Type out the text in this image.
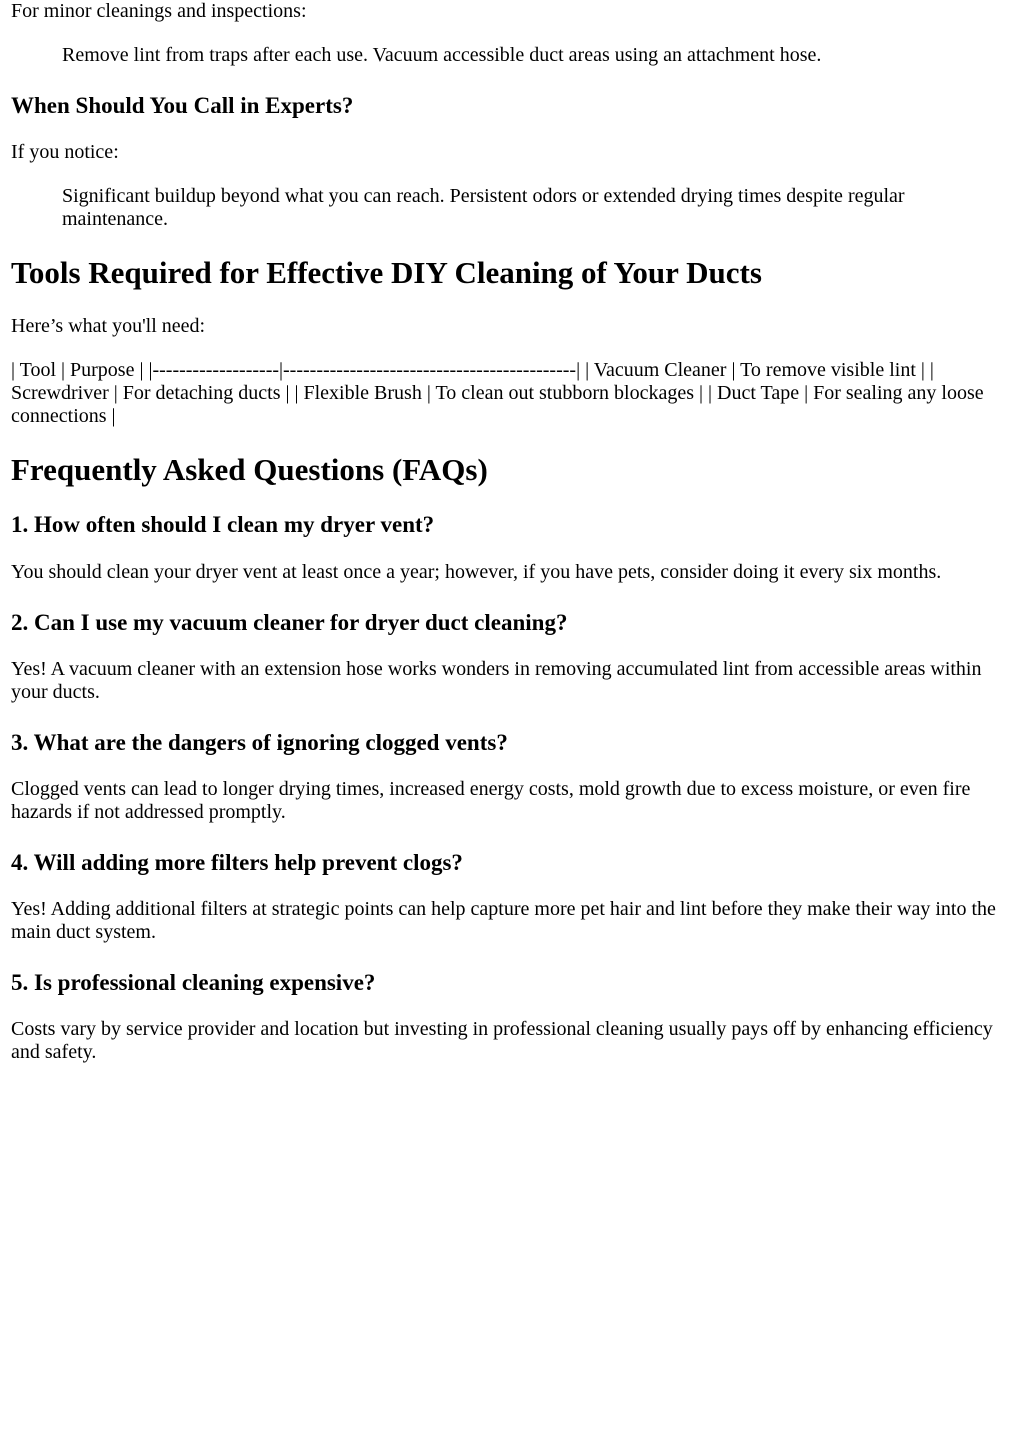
For minor cleanings and inspections:

Remove lint from traps after each use. Vacuum accessible duct areas using an attachment hose.
When Should You Call in Experts?

If you notice:

Significant buildup beyond what you can reach. Persistent odors or extended drying times despite regular maintenance.
Tools Required for Effective DIY Cleaning of Your Ducts

Here’s what you'll need:

| Tool | Purpose | |-------------------|--------------------------------------------| | Vacuum Cleaner | To remove visible lint | | Screwdriver | For detaching ducts | | Flexible Brush | To clean out stubborn blockages | | Duct Tape | For sealing any loose connections |

Frequently Asked Questions (FAQs)
1. How often should I clean my dryer vent?

You should clean your dryer vent at least once a year; however, if you have pets, consider doing it every six months.

2. Can I use my vacuum cleaner for dryer duct cleaning?

Yes! A vacuum cleaner with an extension hose works wonders in removing accumulated lint from accessible areas within your ducts.

3. What are the dangers of ignoring clogged vents?

Clogged vents can lead to longer drying times, increased energy costs, mold growth due to excess moisture, or even fire hazards if not addressed promptly.

4. Will adding more filters help prevent clogs?

Yes! Adding additional filters at strategic points can help capture more pet hair and lint before they make their way into the main duct system.

5. Is professional cleaning expensive?

Costs vary by service provider and location but investing in professional cleaning usually pays off by enhancing efficiency and safety.
